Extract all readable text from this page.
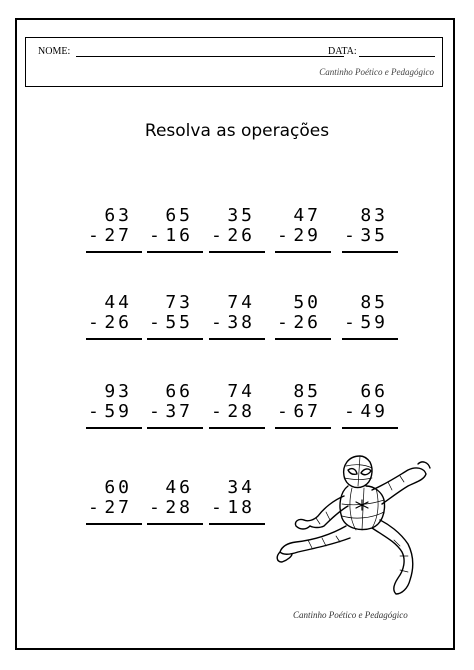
NOME:	DATA:
Cantinho Poético e Pedagógico
Resolva as operações
63
- 27
65
- 16
35
- 26
47
- 29
83
- 35
44
- 26
73
- 55
74
- 38
50
- 26
85
- 59
93
- 59
66
- 37
74
- 28
85
- 67
66
- 49
60
- 27
46
- 28
34
- 18
Cantinho Poético e Pedagógico
